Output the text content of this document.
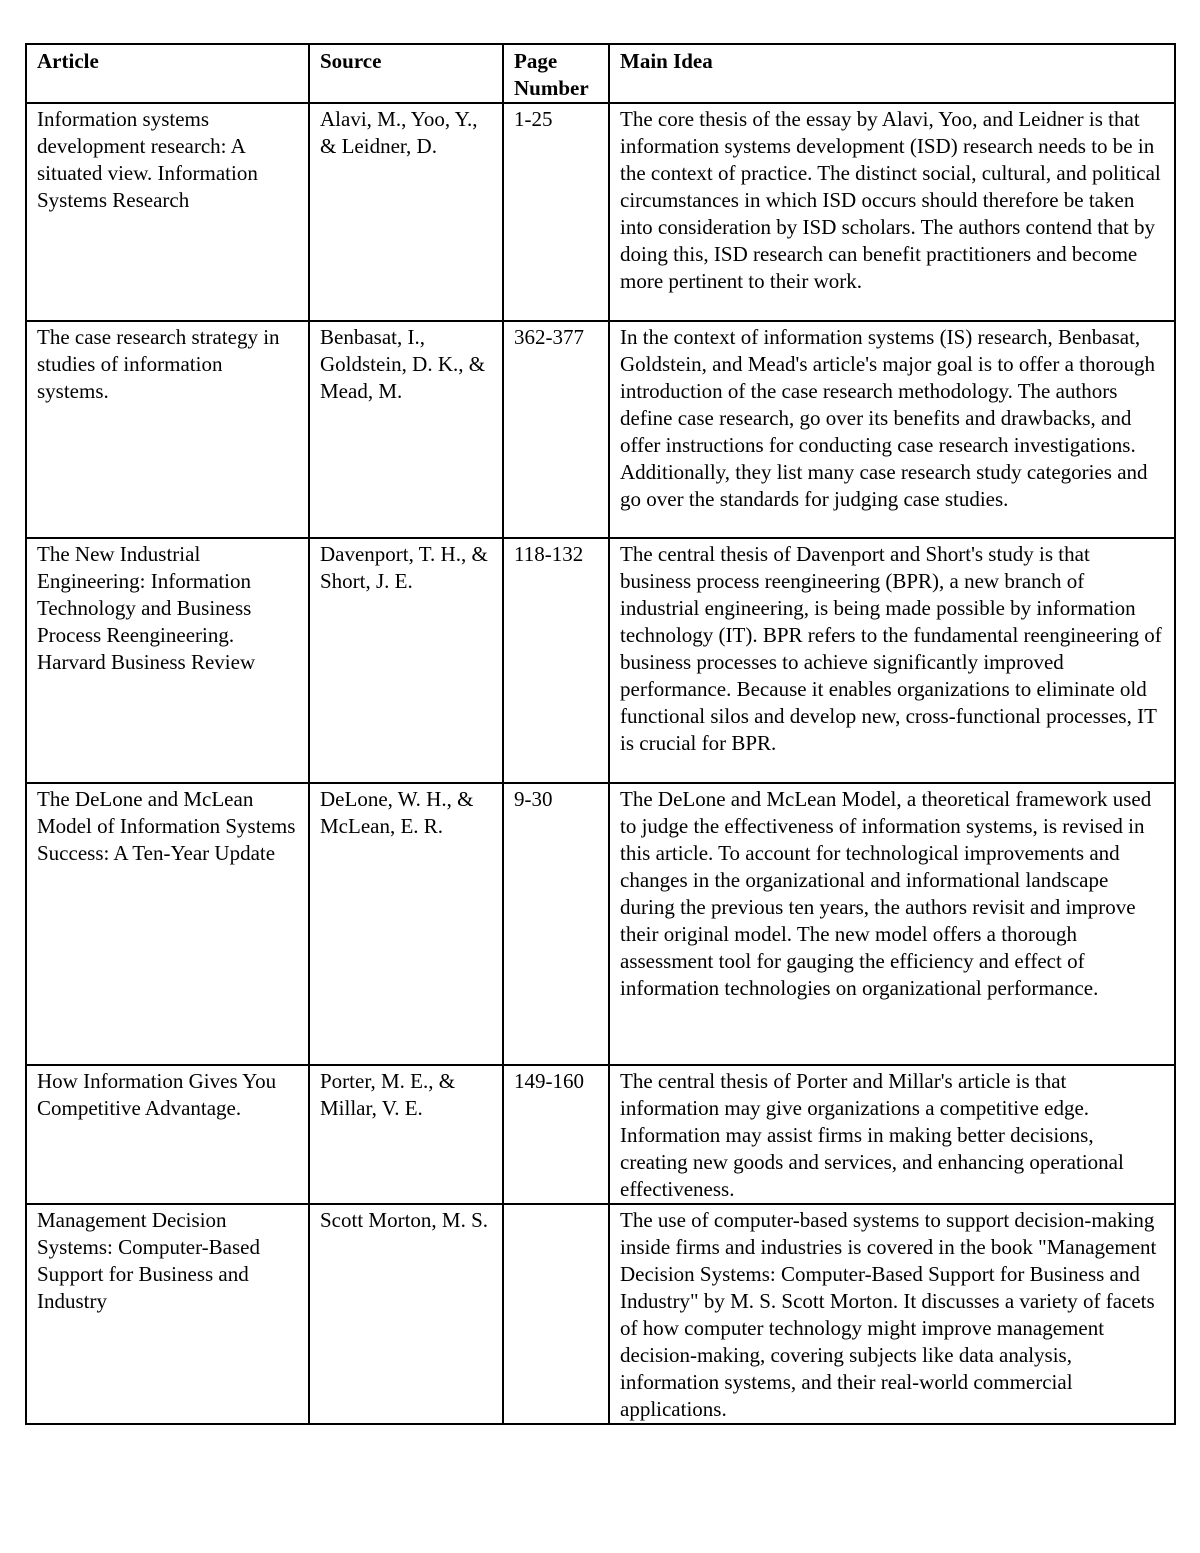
Article	Source	Page Number	Main Idea
Information systems development research: A situated view. Information Systems Research	Alavi, M., Yoo, Y., & Leidner, D.	1-25	The core thesis of the essay by Alavi, Yoo, and Leidner is that information systems development (ISD) research needs to be in the context of practice. The distinct social, cultural, and political circumstances in which ISD occurs should therefore be taken into consideration by ISD scholars. The authors contend that by doing this, ISD research can benefit practitioners and become more pertinent to their work.
The case research strategy in studies of information systems.	Benbasat, I., Goldstein, D. K., & Mead, M.	362-377	In the context of information systems (IS) research, Benbasat, Goldstein, and Mead's article's major goal is to offer a thorough introduction of the case research methodology. The authors define case research, go over its benefits and drawbacks, and offer instructions for conducting case research investigations. Additionally, they list many case research study categories and go over the standards for judging case studies.
The New Industrial Engineering: Information Technology and Business Process Reengineering. Harvard Business Review	Davenport, T. H., & Short, J. E.	118-132	The central thesis of Davenport and Short's study is that business process reengineering (BPR), a new branch of industrial engineering, is being made possible by information technology (IT). BPR refers to the fundamental reengineering of business processes to achieve significantly improved performance. Because it enables organizations to eliminate old functional silos and develop new, cross-functional processes, IT is crucial for BPR.
The DeLone and McLean Model of Information Systems Success: A Ten-Year Update	DeLone, W. H., & McLean, E. R.	9-30	The DeLone and McLean Model, a theoretical framework used to judge the effectiveness of information systems, is revised in this article. To account for technological improvements and changes in the organizational and informational landscape during the previous ten years, the authors revisit and improve their original model. The new model offers a thorough assessment tool for gauging the efficiency and effect of information technologies on organizational performance.
How Information Gives You Competitive Advantage.	Porter, M. E., & Millar, V. E.	149-160	The central thesis of Porter and Millar's article is that information may give organizations a competitive edge. Information may assist firms in making better decisions, creating new goods and services, and enhancing operational effectiveness.
Management Decision Systems: Computer-Based Support for Business and Industry	Scott Morton, M. S.		The use of computer-based systems to support decision-making inside firms and industries is covered in the book "Management Decision Systems: Computer-Based Support for Business and Industry" by M. S. Scott Morton. It discusses a variety of facets of how computer technology might improve management decision-making, covering subjects like data analysis, information systems, and their real-world commercial applications.
